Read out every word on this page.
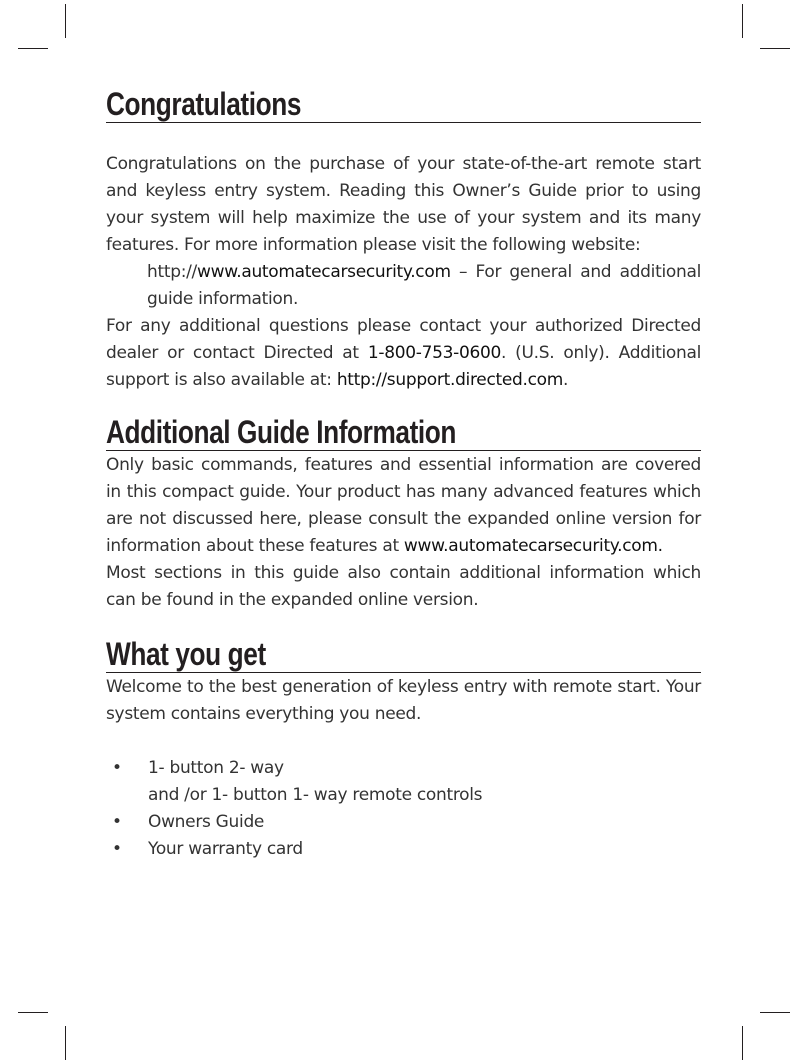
Congratulations

Congratulations on the purchase of your state-of-the-art remote start and keyless entry system. Reading this Owner’s Guide prior to using your system will help maximize the use of your system and its many features. For more information please visit the following website:

http://www.automatecarsecurity.com – For general and additional guide information.

For any additional questions please contact your authorized Directed dealer or contact Directed at 1-800-753-0600. (U.S. only). Additional support is also available at: http://support.directed.com.

Additional Guide Information

Only basic commands, features and essential information are covered in this compact guide. Your product has many advanced features which are not discussed here, please consult the expanded online version for information about these features at www.automatecarsecurity.com.

Most sections in this guide also contain additional information which can be found in the expanded online version.

What you get

Welcome to the best generation of keyless entry with remote start. Your system contains everything you need.

• 1- button 2- way
and /or 1- button 1- way remote controls
• Owners Guide
• Your warranty card
